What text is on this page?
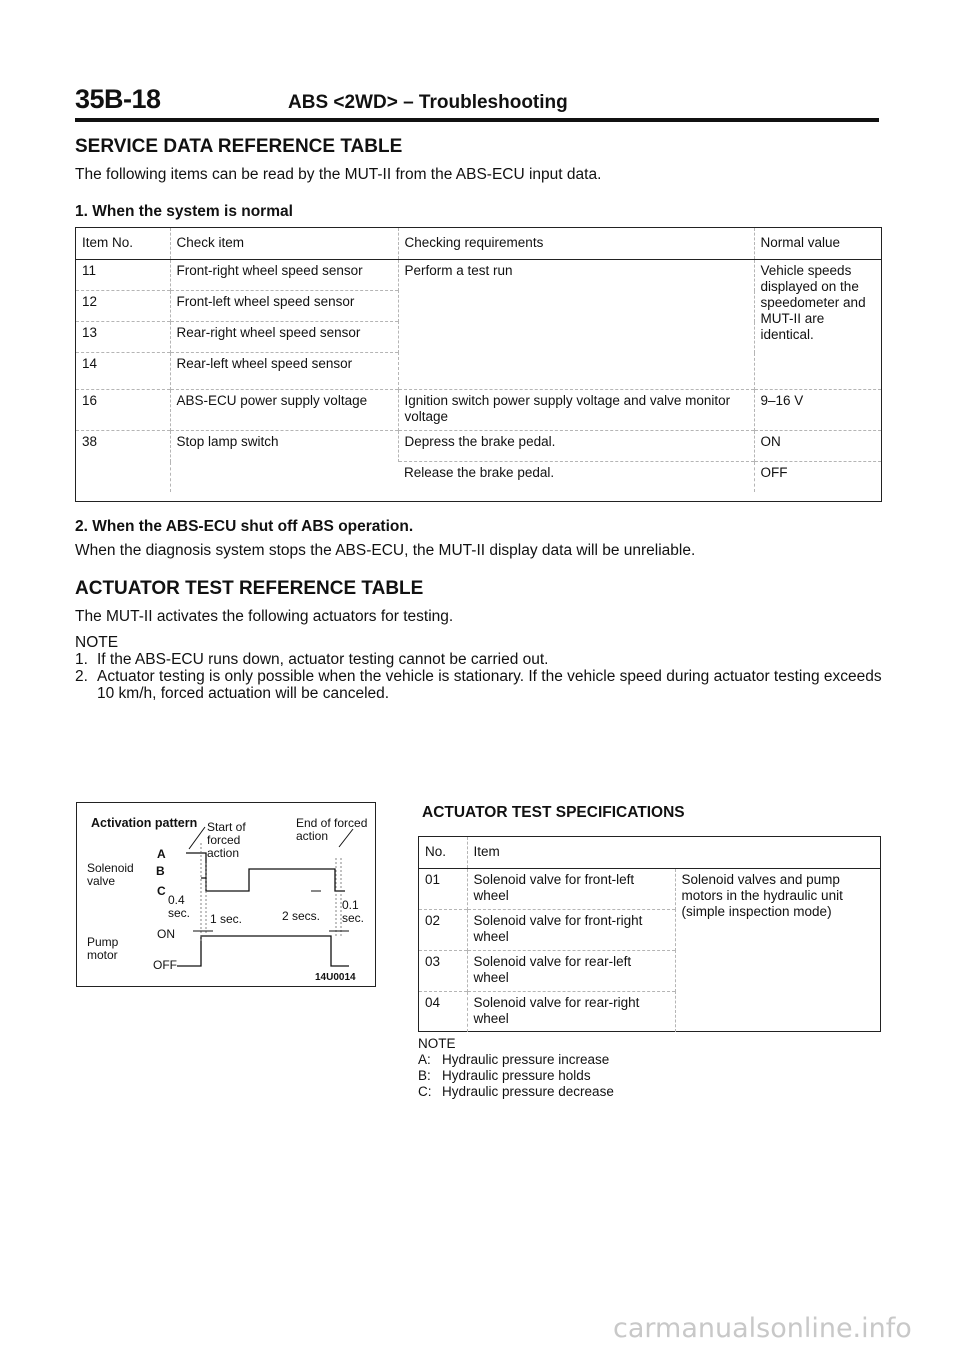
35B-18	ABS <2WD> – Troubleshooting
SERVICE DATA REFERENCE TABLE
The following items can be read by the MUT-II from the ABS-ECU input data.
1. When the system is normal
Item No.	Check item	Checking requirements	Normal value
11	Front-right wheel speed sensor	Perform a test run	Vehicle speeds displayed on the speedometer and MUT-II are identical.
12	Front-left wheel speed sensor		
13	Rear-right wheel speed sensor		
14	Rear-left wheel speed sensor		
16	ABS-ECU power supply voltage	Ignition switch power supply voltage and valve monitor voltage	9–16 V
38	Stop lamp switch	Depress the brake pedal.	ON
		Release the brake pedal.	OFF
2. When the ABS-ECU shut off ABS operation.
When the diagnosis system stops the ABS-ECU, the MUT-II display data will be unreliable.
ACTUATOR TEST REFERENCE TABLE
The MUT-II activates the following actuators for testing.
NOTE
1. If the ABS-ECU runs down, actuator testing cannot be carried out.
2. Actuator testing is only possible when the vehicle is stationary. If the vehicle speed during actuator testing exceeds 10 km/h, forced actuation will be canceled.
Activation pattern Start of forced action
End of forced action
Solenoid valve
A
B
C
0.4 sec.	1 sec.	2 secs.
0.1 sec.
Pump motor
ON
OFF
14U0014
ACTUATOR TEST SPECIFICATIONS
No.	Item	
01	Solenoid valve for front-left wheel	Solenoid valves and pump motors in the hydraulic unit (simple inspection mode)
02	Solenoid valve for front-right wheel	
03	Solenoid valve for rear-left wheel	
04	Solenoid valve for rear-right wheel	
NOTE
A: Hydraulic pressure increase
B: Hydraulic pressure holds
C: Hydraulic pressure decrease
carmanualsonline.info
